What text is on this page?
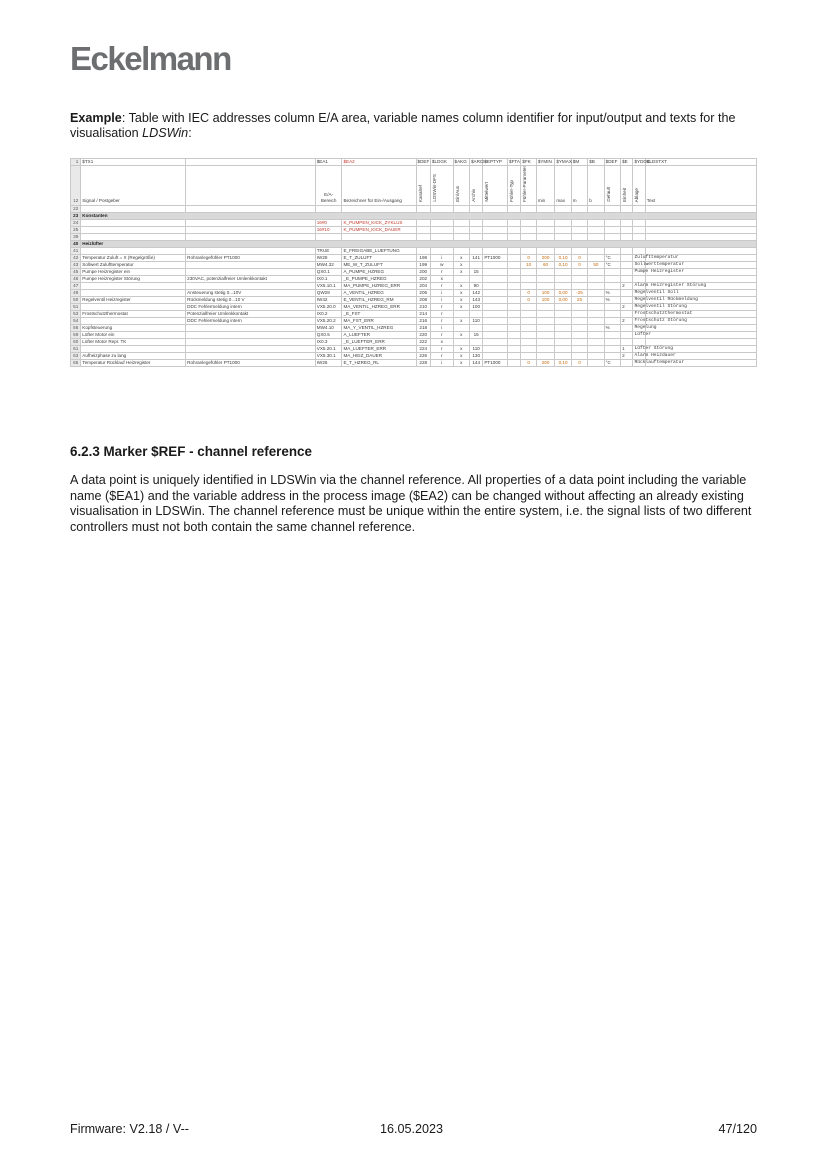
Eckelmann

Example: Table with IEC addresses column E/A area, variable names column identifier for input/output and texts for the visualisation LDSWin:

1	$TX1		$EA1	$EA2	$DEF	$LDGK	$AKG	$ARCH	$EPTYP	$FTA	$FK	$YMIN	$YMAX	$M	$B	$DEF	$E	$YDOC	$LDSTXT
12	Signal / Postgeber		E/A-Bereich	Bezeichner für Ein-/Ausgang	Kanalref	LDSWin-DFS	Ein/Aus	Archiv	Mittelwert	Fühler-Typ	Fühler-Parameter	min	max	m	b	Default	Einheit	Ablage	Text
22																			
23	Konstanten																		
24			16#0	K_PUMPEN_KICK_ZYKLUS															
25			16#10	K_PUMPEN_KICK_DAUER															
39																			
40	Heizlüfter																		
41			TRUE	E_FREIGABE_LUEFTUNG															
42	Temperatur Zuluft = X (Regelgröße)	Rohranlegefühler PT1000	IW28	E_T_ZULUFT	198	i	x	141	PT1000		0	200	0,10	0		°C		Zulufttemperatur	
43	Sollwert Zulufttemperatur		MW4.32	ME_W_T_ZULUFT	199	w	x				10	60	0,10	0	50	°C		Sollwerttemperatur	
45	Pumpe Heizregister ein		QX0.1	A_PUMPE_HZREG	200	r	x	15										Pumpe Heizregister	
46	Pumpe Heizregister Störung	230VAC, potenzialfreier Umlenkkontakt	IX0.1	_E_PUMPE_HZREG	202	x													
47			VX5.10.1	MA_PUMPE_HZREG_ERR	204	r	x	90									2	Alarm Heizregister Störung	
49		Ansteuerung stetig 0...10V	QW28	A_VENTIL_HZREG	206	i	x	142			0	100	0,00	-25		%		Regelventil Soll	
50	Regelventil Heizregister	Rückmeldung stetig 0...10 V	IW42	E_VENTIL_HZREG_RM	208	i	x	143			0	100	0,00	25		%		Regelventil Rückmeldung	
51		DDC Fehlermeldung intern	VX5.20.0	MA_VENTIL_HZREG_ERR	210	r	x	100									2	Regelventil Störung	
53	Frostschutzthermostat	Potenzialfreier Umlenkkontakt	IX0.2	_E_FST	214	r												Frostschutzthermostat	
54		DDC Fehlermeldung intern	VX5.20.2	MA_FST_ERR	216	r	x	110									2	Frostschutz Störung	
56	Kopfsteuerung		MW4.10	MA_Y_VENTIL_HZREG	218	i										%		Regelung	
59	Lüfter Motor ein		QX0.5	A_LUEFTER	220	r	x	15										Lüfter	
60	Lüfter Motor Repr. TK		IX0.3	_E_LUEFTER_ERR	222	x													
61			VX5.20.1	MA_LUEFTER_ERR	224	r	x	110									1	Lüfter Störung	
63	Aufheizphase zu lang		VX5.30.1	MA_HEIZ_DAUER	226	r	x	130									2	Alarm Heizdauer	
65	Temperatur Rücklauf Heizregister	Rohranlegefühler PT1000	IW26	E_T_HZREG_RL	228	i	x	144	PT1000		0	200	0,10	0		°C		Rücklauftemperatur	
6.2.3 Marker $REF - channel reference

A data point is uniquely identified in LDSWin via the channel reference. All properties of a data point including the variable name ($EA1) and the variable address in the process image ($EA2) can be changed without affecting an already existing visualisation in LDSWin. The channel reference must be unique within the entire system, i.e. the signal lists of two different controllers must not both contain the same channel reference.

Firmware: V2.18 / V--	16.05.2023	47/120
